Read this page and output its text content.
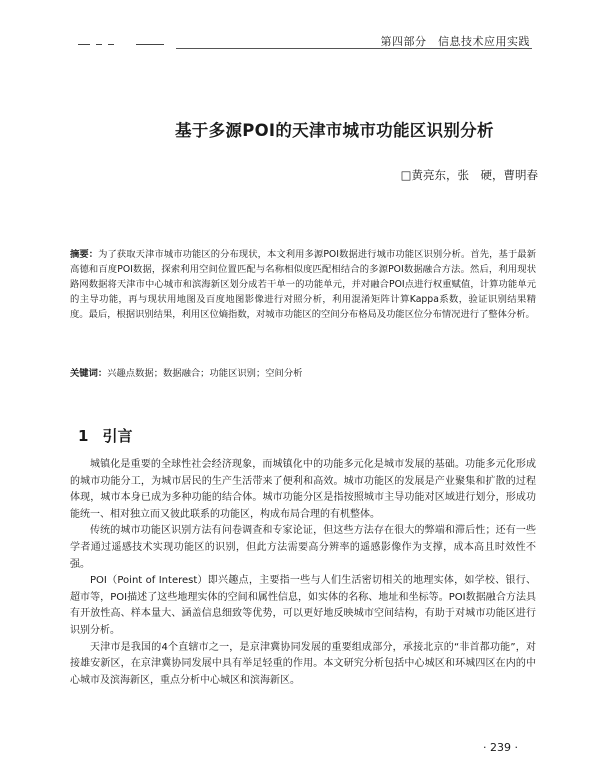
第四部分　信息技术应用实践
基于多源POI的天津市城市功能区识别分析
□黄亮东，张　硬，曹明春
摘要：为了获取天津市城市功能区的分布现状，本文利用多源POI数据进行城市功能区识别分析。首先，基于最新高德和百度POI数据，探索利用空间位置匹配与名称相似度匹配相结合的多源POI数据融合方法。然后，利用现状路网数据将天津市中心城市和滨海新区划分成若干单一的功能单元，并对融合POI点进行权重赋值，计算功能单元的主导功能，再与现状用地图及百度地图影像进行对照分析，利用混淆矩阵计算Kappa系数，验证识别结果精度。最后，根据识别结果，利用区位熵指数，对城市功能区的空间分布格局及功能区位分布情况进行了整体分析。
关键词：兴趣点数据；数据融合；功能区识别；空间分析
1 引言

城镇化是重要的全球性社会经济现象，而城镇化中的功能多元化是城市发展的基础。功能多元化形成的城市功能分工，为城市居民的生产生活带来了便利和高效。城市功能区的发展是产业聚集和扩散的过程体现，城市本身已成为多种功能的结合体。城市功能分区是指按照城市主导功能对区域进行划分，形成功能统一、相对独立而又彼此联系的功能区，构成布局合理的有机整体。

传统的城市功能区识别方法有问卷调查和专家论证，但这些方法存在很大的弊端和滞后性；还有一些学者通过遥感技术实现功能区的识别，但此方法需要高分辨率的遥感影像作为支撑，成本高且时效性不强。

POI（Point of Interest）即兴趣点，主要指一些与人们生活密切相关的地理实体，如学校、银行、超市等，POI描述了这些地理实体的空间和属性信息，如实体的名称、地址和坐标等。POI数据融合方法具有开放性高、样本量大、涵盖信息细致等优势，可以更好地反映城市空间结构，有助于对城市功能区进行识别分析。

天津市是我国的4个直辖市之一，是京津冀协同发展的重要组成部分，承接北京的“非首都功能”，对接雄安新区，在京津冀协同发展中具有举足轻重的作用。本文研究分析包括中心城区和环城四区在内的中心城市及滨海新区，重点分析中心城区和滨海新区。

· 239 ·
